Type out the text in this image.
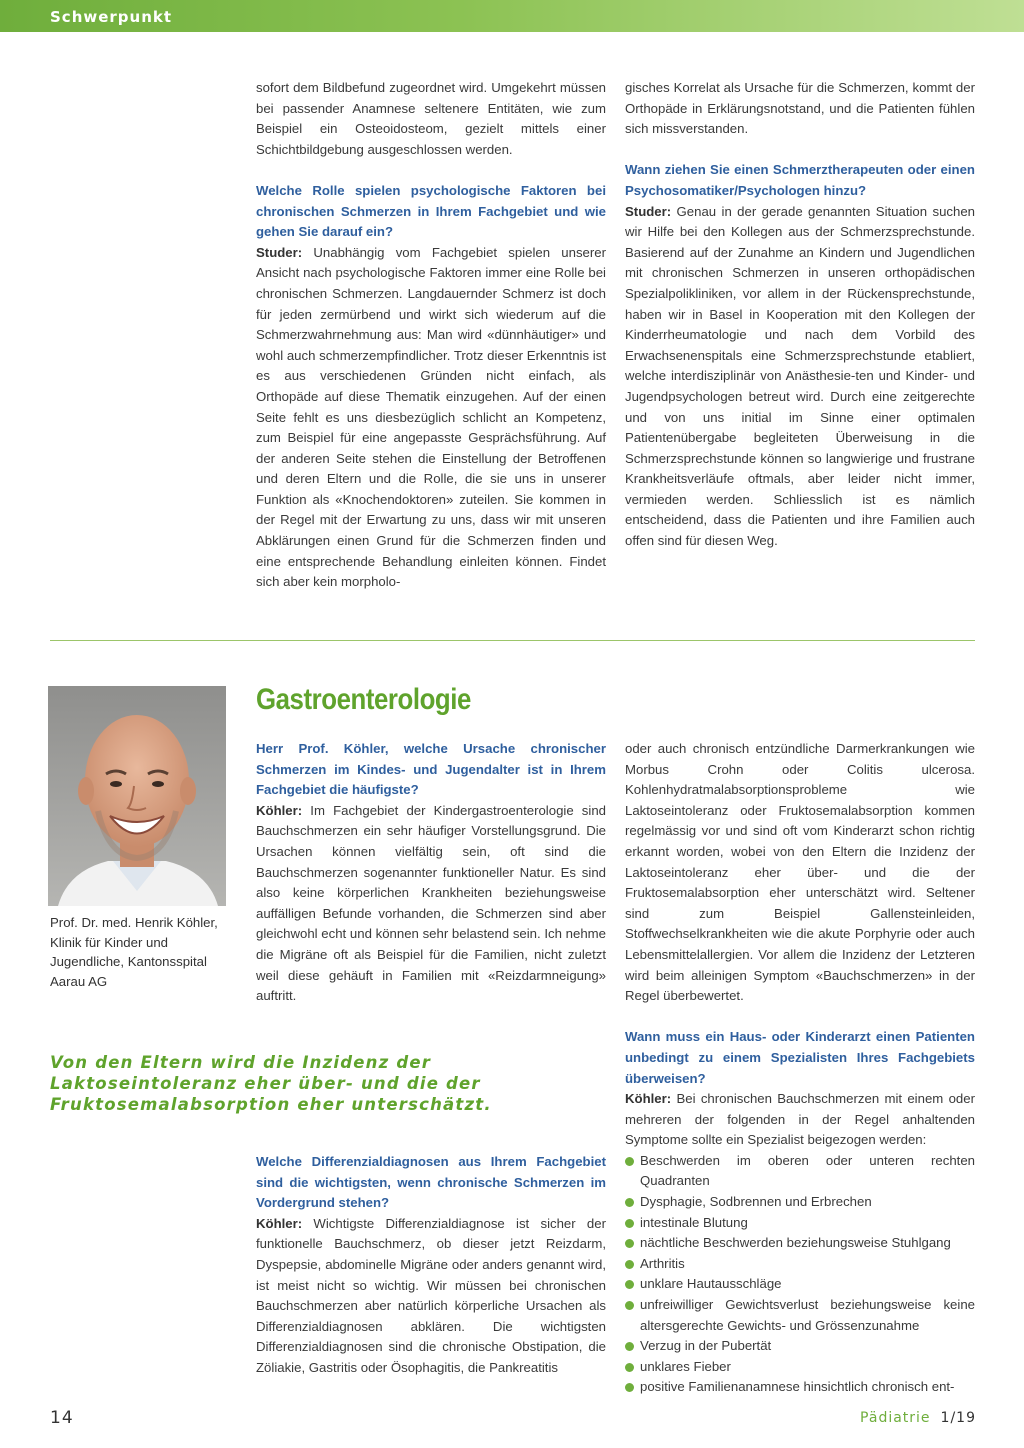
Schwerpunkt

sofort dem Bildbefund zugeordnet wird. Umgekehrt müssen bei passender Anamnese seltenere Entitäten, wie zum Beispiel ein Osteoidosteom, gezielt mittels einer Schichtbildgebung ausgeschlossen werden.

Welche Rolle spielen psychologische Faktoren bei chronischen Schmerzen in Ihrem Fachgebiet und wie gehen Sie darauf ein?

Studer: Unabhängig vom Fachgebiet spielen unserer Ansicht nach psychologische Faktoren immer eine Rolle bei chronischen Schmerzen. Langdauernder Schmerz ist doch für jeden zermürbend und wirkt sich wiederum auf die Schmerzwahrnehmung aus: Man wird «dünnhäutiger» und wohl auch schmerzempfindlicher. Trotz dieser Erkenntnis ist es aus verschiedenen Gründen nicht einfach, als Orthopäde auf diese Thematik einzugehen. Auf der einen Seite fehlt es uns diesbezüglich schlicht an Kompetenz, zum Beispiel für eine angepasste Gesprächsführung. Auf der anderen Seite stehen die Einstellung der Betroffenen und deren Eltern und die Rolle, die sie uns in unserer Funktion als «Knochendoktoren» zuteilen. Sie kommen in der Regel mit der Erwartung zu uns, dass wir mit unseren Abklärungen einen Grund für die Schmerzen finden und eine entsprechende Behandlung einleiten können. Findet sich aber kein morpholo-

gisches Korrelat als Ursache für die Schmerzen, kommt der Orthopäde in Erklärungsnotstand, und die Patienten fühlen sich missverstanden.

Wann ziehen Sie einen Schmerztherapeuten oder einen Psychosomatiker/Psychologen hinzu?

Studer: Genau in der gerade genannten Situation suchen wir Hilfe bei den Kollegen aus der Schmerzsprechstunde. Basierend auf der Zunahme an Kindern und Jugendlichen mit chronischen Schmerzen in unseren orthopädischen Spezialpolikliniken, vor allem in der Rückensprechstunde, haben wir in Basel in Kooperation mit den Kollegen der Kinderrheumatologie und nach dem Vorbild des Erwachsenenspitals eine Schmerzsprechstunde etabliert, welche interdisziplinär von Anästhesie-ten und Kinder- und Jugendpsychologen betreut wird. Durch eine zeitgerechte und von uns initial im Sinne einer optimalen Patientenübergabe begleiteten Überweisung in die Schmerzsprechstunde können so langwierige und frustrane Krankheitsverläufe oftmals, aber leider nicht immer, vermieden werden. Schliesslich ist es nämlich entscheidend, dass die Patienten und ihre Familien auch offen sind für diesen Weg.

Prof. Dr. med. Henrik Köhler, Klinik für Kinder und Jugendliche, Kantonsspital Aarau AG
Gastroenterologie

Herr Prof. Köhler, welche Ursache chronischer Schmerzen im Kindes- und Jugendalter ist in Ihrem Fachgebiet die häufigste?

Köhler: Im Fachgebiet der Kindergastroenterologie sind Bauchschmerzen ein sehr häufiger Vorstellungsgrund. Die Ursachen können vielfältig sein, oft sind die Bauchschmerzen sogenannter funktioneller Natur. Es sind also keine körperlichen Krankheiten beziehungsweise auffälligen Befunde vorhanden, die Schmerzen sind aber gleichwohl echt und können sehr belastend sein. Ich nehme die Migräne oft als Beispiel für die Familien, nicht zuletzt weil diese gehäuft in Familien mit «Reizdarmneigung» auftritt.

Von den Eltern wird die Inzidenz der Laktoseintoleranz eher über- und die der Fruktosemalabsorption eher unterschätzt.

Welche Differenzialdiagnosen aus Ihrem Fachgebiet sind die wichtigsten, wenn chronische Schmerzen im Vordergrund stehen?

Köhler: Wichtigste Differenzialdiagnose ist sicher der funktionelle Bauchschmerz, ob dieser jetzt Reizdarm, Dyspepsie, abdominelle Migräne oder anders genannt wird, ist meist nicht so wichtig. Wir müssen bei chronischen Bauchschmerzen aber natürlich körperliche Ursachen als Differenzialdiagnosen abklären. Die wichtigsten Differenzialdiagnosen sind die chronische Obstipation, die Zöliakie, Gastritis oder Ösophagitis, die Pankreatitis

oder auch chronisch entzündliche Darmerkrankungen wie Morbus Crohn oder Colitis ulcerosa. Kohlenhydratmalabsorptionsprobleme wie Laktoseintoleranz oder Fruktosemalabsorption kommen regelmässig vor und sind oft vom Kinderarzt schon richtig erkannt worden, wobei von den Eltern die Inzidenz der Laktoseintoleranz eher über- und die der Fruktosemalabsorption eher unterschätzt wird. Seltener sind zum Beispiel Gallensteinleiden, Stoffwechselkrankheiten wie die akute Porphyrie oder auch Lebensmittelallergien. Vor allem die Inzidenz der Letzteren wird beim alleinigen Symptom «Bauchschmerzen» in der Regel überbewertet.

Wann muss ein Haus- oder Kinderarzt einen Patienten unbedingt zu einem Spezialisten Ihres Fachgebiets überweisen?

Köhler: Bei chronischen Bauchschmerzen mit einem oder mehreren der folgenden in der Regel anhaltenden Symptome sollte ein Spezialist beigezogen werden:

Beschwerden im oberen oder unteren rechten Quadranten
Dysphagie, Sodbrennen und Erbrechen
intestinale Blutung
nächtliche Beschwerden beziehungsweise Stuhlgang
Arthritis
unklare Hautausschläge
unfreiwilliger Gewichtsverlust beziehungsweise keine altersgerechte Gewichts- und Grössenzunahme
Verzug in der Pubertät
unklares Fieber
positive Familienanamnese hinsichtlich chronisch ent-
14	Pädiatrie 1/19
